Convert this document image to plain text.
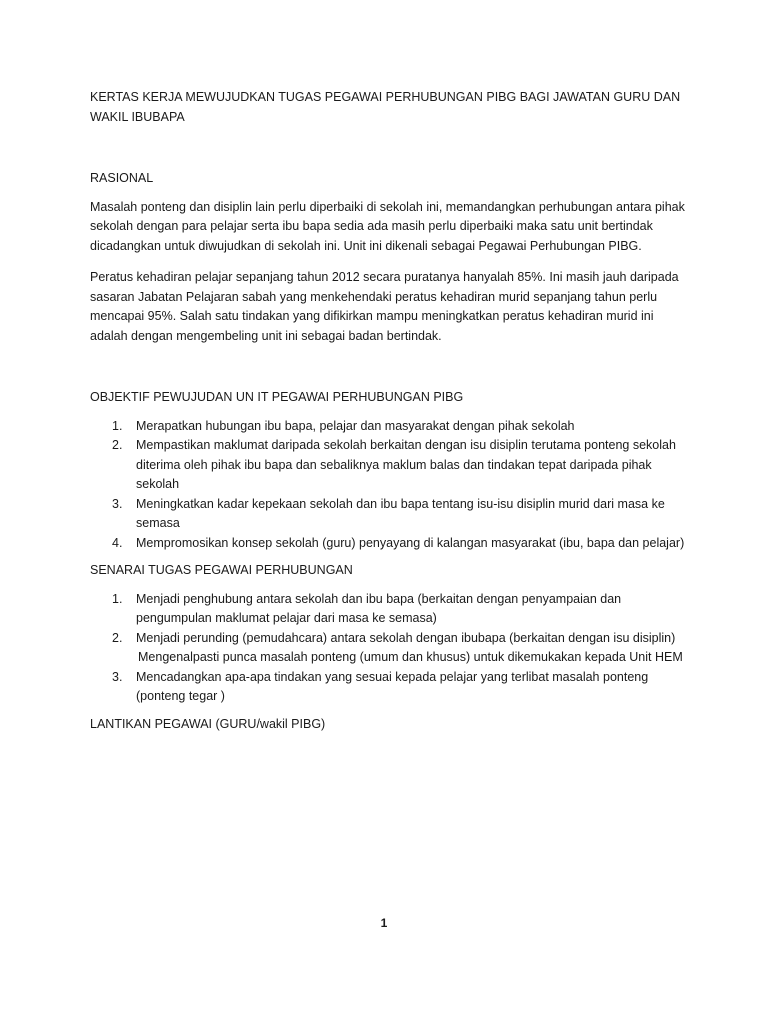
KERTAS KERJA MEWUJUDKAN TUGAS PEGAWAI PERHUBUNGAN PIBG BAGI JAWATAN GURU DAN WAKIL IBUBAPA

RASIONAL

Masalah ponteng dan disiplin lain perlu diperbaiki di sekolah ini, memandangkan perhubungan antara pihak sekolah dengan para pelajar serta ibu bapa sedia ada masih perlu diperbaiki maka satu unit bertindak dicadangkan untuk diwujudkan di sekolah ini. Unit ini dikenali sebagai Pegawai Perhubungan PIBG.

Peratus kehadiran pelajar sepanjang tahun 2012 secara puratanya hanyalah 85%. Ini masih jauh daripada sasaran Jabatan Pelajaran sabah yang menkehendaki peratus kehadiran murid sepanjang tahun perlu mencapai 95%. Salah satu tindakan yang difikirkan mampu meningkatkan peratus kehadiran murid ini adalah dengan mengembeling unit ini sebagai badan bertindak.

OBJEKTIF PEWUJUDAN UN IT PEGAWAI PERHUBUNGAN PIBG

1. Merapatkan hubungan ibu bapa, pelajar dan masyarakat dengan pihak sekolah
2. Mempastikan maklumat daripada sekolah berkaitan dengan isu disiplin terutama ponteng sekolah diterima oleh pihak ibu bapa dan sebaliknya maklum balas dan tindakan tepat daripada pihak sekolah
3. Meningkatkan kadar kepekaan sekolah dan ibu bapa tentang isu-isu disiplin murid dari masa ke semasa
4. Mempromosikan konsep sekolah (guru) penyayang di kalangan masyarakat (ibu, bapa dan pelajar)

SENARAI TUGAS PEGAWAI PERHUBUNGAN

1. Menjadi penghubung antara sekolah dan ibu bapa (berkaitan dengan penyampaian dan pengumpulan maklumat pelajar dari masa ke semasa)
2. Menjadi perunding (pemudahcara) antara sekolah dengan ibubapa (berkaitan dengan isu disiplin)

Mengenalpasti punca masalah ponteng (umum dan khusus) untuk dikemukakan kepada Unit HEM

3. Mencadangkan apa-apa tindakan yang sesuai kepada pelajar yang terlibat masalah ponteng (ponteng tegar )

LANTIKAN PEGAWAI (GURU/wakil PIBG)

1
